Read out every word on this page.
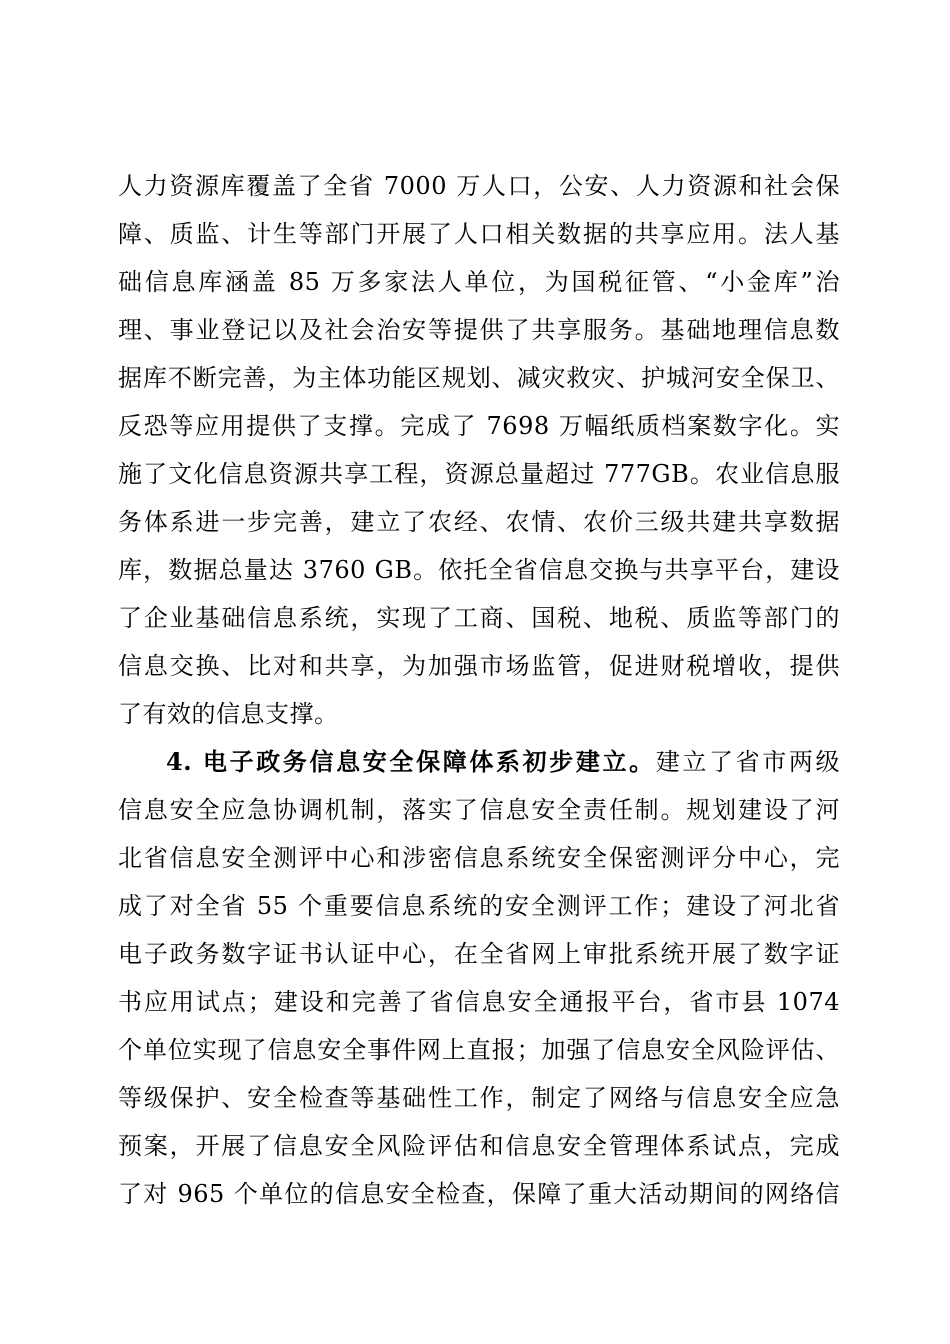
人力资源库覆盖了全省 7000 万人口，公安、人力资源和社会保
障、质监、计生等部门开展了人口相关数据的共享应用。法人基
础信息库涵盖 85 万多家法人单位，为国税征管、“小金库”治
理、事业登记以及社会治安等提供了共享服务。基础地理信息数
据库不断完善，为主体功能区规划、减灾救灾、护城河安全保卫、
反恐等应用提供了支撑。完成了 7698 万幅纸质档案数字化。实
施了文化信息资源共享工程，资源总量超过 777GB。农业信息服
务体系进一步完善，建立了农经、农情、农价三级共建共享数据
库，数据总量达 3760 GB。依托全省信息交换与共享平台，建设
了企业基础信息系统，实现了工商、国税、地税、质监等部门的
信息交换、比对和共享，为加强市场监管，促进财税增收，提供
了有效的信息支撑。
4. 电子政务信息安全保障体系初步建立。建立了省市两级
信息安全应急协调机制，落实了信息安全责任制。规划建设了河
北省信息安全测评中心和涉密信息系统安全保密测评分中心，完
成了对全省 55 个重要信息系统的安全测评工作；建设了河北省
电子政务数字证书认证中心，在全省网上审批系统开展了数字证
书应用试点；建设和完善了省信息安全通报平台，省市县 1074
个单位实现了信息安全事件网上直报；加强了信息安全风险评估、
等级保护、安全检查等基础性工作，制定了网络与信息安全应急
预案，开展了信息安全风险评估和信息安全管理体系试点，完成
了对 965 个单位的信息安全检查，保障了重大活动期间的网络信
